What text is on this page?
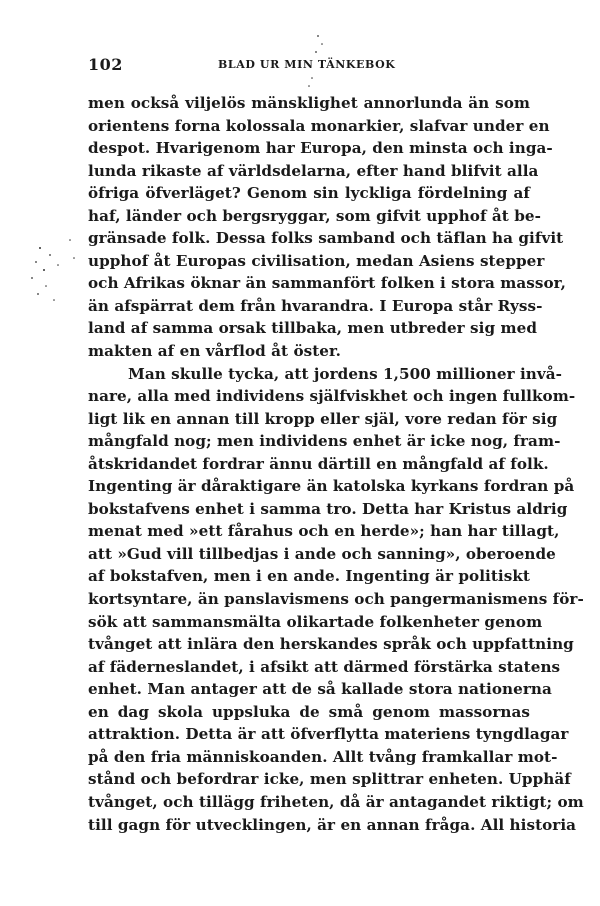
102	BLAD UR MIN TÄNKEBOK
men också viljelös mänsklighet annorlunda än som
orientens forna kolossala monarkier, slafvar under en
despot. Hvarigenom har Europa, den minsta och inga-
lunda rikaste af världsdelarna, efter hand blifvit alla
öfriga öfverläget? Genom sin lyckliga fördelning af
haf, länder och bergsryggar, som gifvit upphof åt be-
gränsade folk. Dessa folks samband och täflan ha gifvit
upphof åt Europas civilisation, medan Asiens stepper
och Afrikas öknar än sammanfört folken i stora massor,
än afspärrat dem från hvarandra. I Europa står Ryss-
land af samma orsak tillbaka, men utbreder sig med
makten af en vårflod åt öster.
Man skulle tycka, att jordens 1,500 millioner invå-
nare, alla med individens själfviskhet och ingen fullkom-
ligt lik en annan till kropp eller själ, vore redan för sig
mångfald nog; men individens enhet är icke nog, fram-
åtskridandet fordrar ännu därtill en mångfald af folk.
Ingenting är dåraktigare än katolska kyrkans fordran på
bokstafvens enhet i samma tro. Detta har Kristus aldrig
menat med »ett fårahus och en herde»; han har tillagt,
att »Gud vill tillbedjas i ande och sanning», oberoende
af bokstafven, men i en ande. Ingenting är politiskt
kortsyntare, än panslavismens och pangermanismens för-
sök att sammansmälta olikartade folkenheter genom
tvånget att inlära den herskandes språk och uppfattning
af fäderneslandet, i afsikt att därmed förstärka statens
enhet. Man antager att de så kallade stora nationerna
en dag skola uppsluka de små genom massornas
attraktion. Detta är att öfverflytta materiens tyngdlagar
på den fria människoanden. Allt tvång framkallar mot-
stånd och befordrar icke, men splittrar enheten. Upphäf
tvånget, och tillägg friheten, då är antagandet riktigt; om
till gagn för utvecklingen, är en annan fråga. All historia
